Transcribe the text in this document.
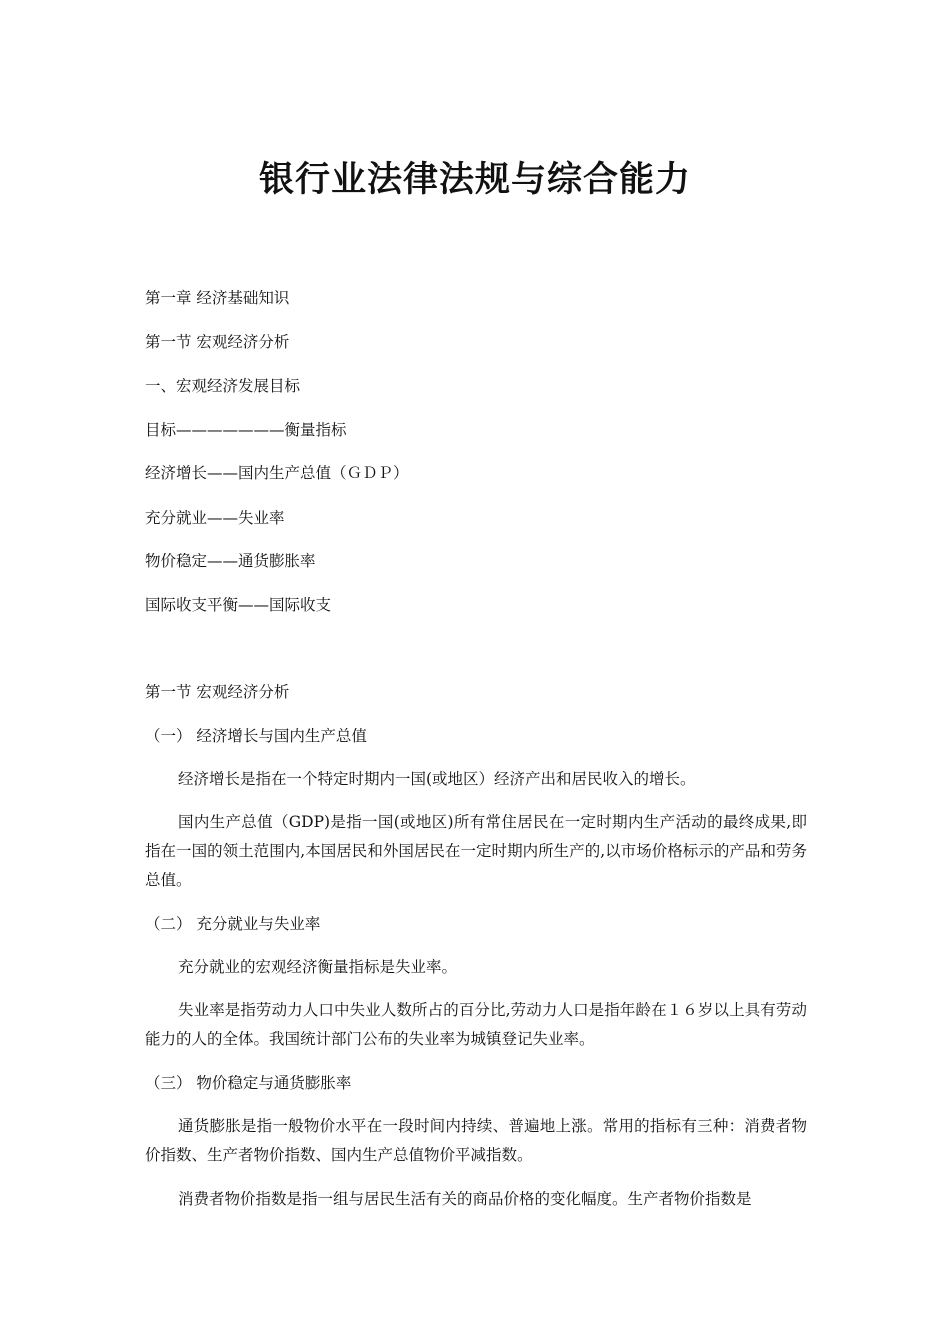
银行业法律法规与综合能力

第一章 经济基础知识

第一节 宏观经济分析

一、宏观经济发展目标

目标———————衡量指标

经济增长——国内生产总值（ＧＤＰ）

充分就业——失业率

物价稳定——通货膨胀率

国际收支平衡——国际收支

第一节 宏观经济分析

（一） 经济增长与国内生产总值

经济增长是指在一个特定时期内一国(或地区）经济产出和居民收入的增长。

国内生产总值（GDP)是指一国(或地区)所有常住居民在一定时期内生产活动的最终成果,即指在一国的领土范围内,本国居民和外国居民在一定时期内所生产的,以市场价格标示的产品和劳务总值。

（二） 充分就业与失业率

充分就业的宏观经济衡量指标是失业率。

失业率是指劳动力人口中失业人数所占的百分比,劳动力人口是指年龄在１６岁以上具有劳动能力的人的全体。我国统计部门公布的失业率为城镇登记失业率。

（三） 物价稳定与通货膨胀率

通货膨胀是指一般物价水平在一段时间内持续、普遍地上涨。常用的指标有三种：消费者物价指数、生产者物价指数、国内生产总值物价平减指数。

消费者物价指数是指一组与居民生活有关的商品价格的变化幅度。生产者物价指数是
